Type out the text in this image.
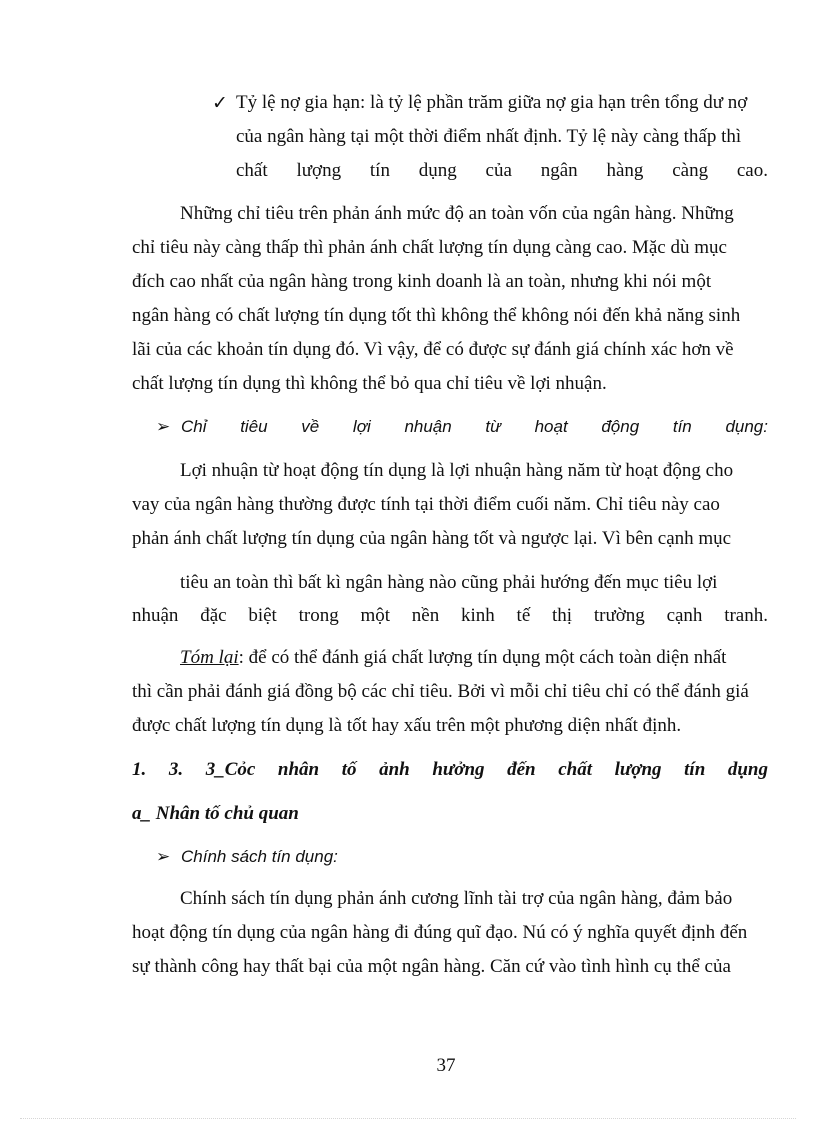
✓ Tỷ lệ nợ gia hạn: là tỷ lệ phần trăm giữa nợ gia hạn trên tổng dư nợ
của ngân hàng tại một thời điểm nhất định. Tỷ lệ này càng thấp thì
chất lượng tín dụng của ngân hàng càng cao.
Những chỉ tiêu trên phản ánh mức độ an toàn vốn của ngân hàng. Những
chỉ tiêu này càng thấp thì phản ánh chất lượng tín dụng càng cao. Mặc dù mục
đích cao nhất của ngân hàng trong kinh doanh là an toàn, nhưng khi nói một
ngân hàng có chất lượng tín dụng tốt thì không thể không nói đến khả năng sinh
lãi của các khoản tín dụng đó. Vì vậy, để có được sự đánh giá chính xác hơn về
chất lượng tín dụng thì không thể bỏ qua chỉ tiêu về lợi nhuận.
➢ Chỉ tiêu về lợi nhuận từ hoạt động tín dụng:
Lợi nhuận từ hoạt động tín dụng là lợi nhuận hàng năm từ hoạt động cho
vay của ngân hàng thường được tính tại thời điểm cuối năm. Chỉ tiêu này cao
phản ánh chất lượng tín dụng của ngân hàng tốt và ngược lại. Vì bên cạnh mục
tiêu an toàn thì bất kì ngân hàng nào cũng phải hướng đến mục tiêu lợi
nhuận đặc biệt trong một nền kinh tế thị trường cạnh tranh.
Tóm lại: để có thể đánh giá chất lượng tín dụng một cách toàn diện nhất
thì cần phải đánh giá đồng bộ các chỉ tiêu. Bởi vì mỗi chỉ tiêu chỉ có thể đánh giá
được chất lượng tín dụng là tốt hay xấu trên một phương diện nhất định.
1. 3. 3_Cỏc nhân tố ảnh hưởng đến chất lượng tín dụng
a_ Nhân tố chủ quan
➢ Chính sách tín dụng:
Chính sách tín dụng phản ánh cương lĩnh tài trợ của ngân hàng, đảm bảo
hoạt động tín dụng của ngân hàng đi đúng quĩ đạo. Nú có ý nghĩa quyết định đến
sự thành công hay thất bại của một ngân hàng. Căn cứ vào tình hình cụ thể của
37
